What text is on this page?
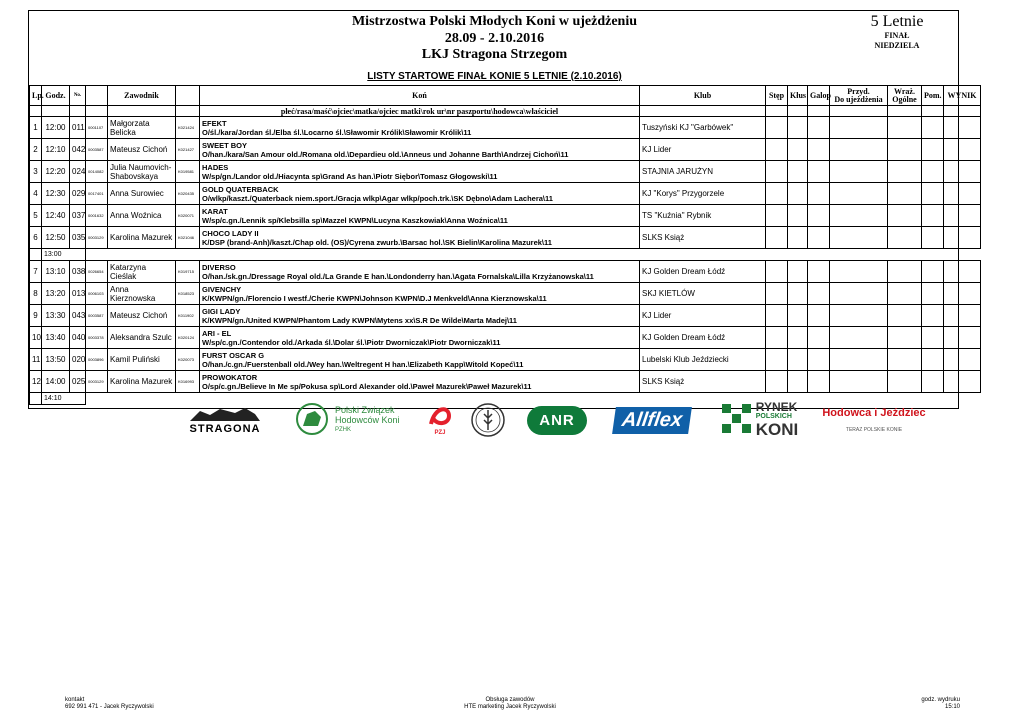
Mistrzostwa Polski Młodych Koni w ujeżdżeniu
28.09 - 2.10.2016
LKJ Stragona Strzegom
5 Letnie
FINAŁ
NIEDZIELA
LISTY STARTOWE FINAŁ KONIE 5 LETNIE (2.10.2016)
Lp.	Godz.	No.		Zawodnik		Koń	Klub	Stęp	Kłus	Galop	Przyd.
Do ujeżdżenia	Wraż.
Ogólne	Pom.	WYNIK
						płeć/rasa/maść\ojciec\matka/ojciec matki\rok ur\nr paszportu\hodowca\właściciel								
1	12:00	011	0001107	Małgorzata Belicka	K021424	EFEKT
O/śl./kara/Jordan śl./Elba śl.\Locarno śl.\Sławomir Królik\Sławomir Królik\11	Tuszyński KJ "Garbówek"							
2	12:10	042	0003587	Mateusz Cichoń	K021427	SWEET BOY
O/han./kara/San Amour old./Romana old.\Depardieu old.\Anneus und Johanne Barth\Andrzej Cichoń\11	KJ Lider							
3	12:20	024	0014082	Julia Naumovich-Shabovskaya	K019581	HADES
W/sp/gn./Landor old./Hiacynta sp\Grand As han.\Piotr Siębor\Tomasz Głogowski\11	STAJNIA JARUŻYN							
4	12:30	029	0017401	Anna Surowiec	K020435	GOLD QUATERBACK
O/wlkp/kaszt./Quaterback niem.sport./Gracja wlkp\Agar wlkp/poch.trk.\SK Dębno\Adam Lachera\11	KJ "Korys" Przygorzele							
5	12:40	037	0001632	Anna Woźnica	K020071	KARAT
W/sp/c.gn./Lennik sp/Klebsilla sp\Mazzel KWPN\Lucyna Kaszkowiak\Anna Woźnica\11	TS "Kuźnia" Rybnik							
6	12:50	035	0003129	Karolina Mazurek	K021046	CHOCO LADY II
K/DSP (brand-Anh)/kaszt./Chap old. (OS)/Cyrena zwurb.\Barsac hol.\SK Bielin\Karolina Mazurek\11	SLKS Książ							
	13:00													
7	13:10	038	0026654	Katarzyna Cieślak	K019715	DIVERSO
O/han./sk.gn./Dressage Royal old./La Grande E han.\Londonderry han.\Agata Fornalska\Lilla Krzyżanowska\11	KJ Golden Dream Łódź							
8	13:20	013	0006103	Anna Kierznowska	K018523	GIVENCHY
K/KWPN/gn./Florencio I westf./Cherie KWPN\Johnson KWPN\D.J Menkveld\Anna Kierznowska\11	SKJ KIETLÓW							
9	13:30	043	0003587	Mateusz Cichoń	K011902	GIGI LADY
K/KWPN/gn./United KWPN/Phantom Lady KWPN\Mytens xx\S.R De Wilde\Marta Madej\11	KJ Lider							
10	13:40	040	0003378	Aleksandra Szulc	K020124	ARI - EL
W/sp/c.gn./Contendor old./Arkada śl.\Dolar śl.\Piotr Dworniczak\Piotr Dworniczak\11	KJ Golden Dream Łódź							
11	13:50	020	0003896	Kamil Puliński	K020073	FURST OSCAR G
O/han./c.gn./Fuerstenball old./Wey han.\Weltregent H han.\Elizabeth Kapp\Witold Kopeć\11	Lubelski Klub Jeździecki							
12	14:00	025	0003129	Karolina Mazurek	K016993	PROWOKATOR
O/sp/c.gn./Believe In Me sp/Pokusa sp\Lord Alexander old.\Paweł Mazurek\Paweł Mazurek\11	SLKS Książ							
	14:10													
STRAGONA
Polski Związek Hodowców Koni
PZHK	PZJ
ANR	Allflex
RYNEK
POLSKICH
KONI
Hodowca i Jeździec
TERAZ POLSKIE KONIE
kontakt
692 991 471 - Jacek Ryczywolski
Obsługa zawodów
HTE marketing Jacek Ryczywolski
godz. wydruku
15:10
